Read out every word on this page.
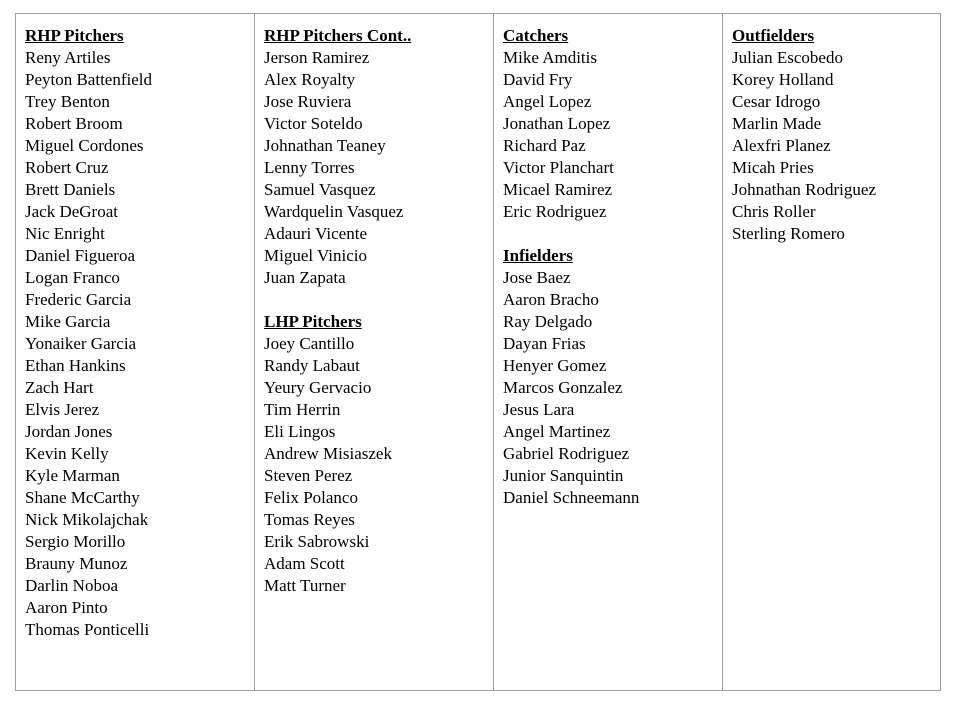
RHP Pitchers
Reny Artiles
Peyton Battenfield
Trey Benton
Robert Broom
Miguel Cordones
Robert Cruz
Brett Daniels
Jack DeGroat
Nic Enright
Daniel Figueroa
Logan Franco
Frederic Garcia
Mike Garcia
Yonaiker Garcia
Ethan Hankins
Zach Hart
Elvis Jerez
Jordan Jones
Kevin Kelly
Kyle Marman
Shane McCarthy
Nick Mikolajchak
Sergio Morillo
Brauny Munoz
Darlin Noboa
Aaron Pinto
Thomas Ponticelli
RHP Pitchers Cont..
Jerson Ramirez
Alex Royalty
Jose Ruviera
Victor Soteldo
Johnathan Teaney
Lenny Torres
Samuel Vasquez
Wardquelin Vasquez
Adauri Vicente
Miguel Vinicio
Juan Zapata
LHP Pitchers
Joey Cantillo
Randy Labaut
Yeury Gervacio
Tim Herrin
Eli Lingos
Andrew Misiaszek
Steven Perez
Felix Polanco
Tomas Reyes
Erik Sabrowski
Adam Scott
Matt Turner
Catchers
Mike Amditis
David Fry
Angel Lopez
Jonathan Lopez
Richard Paz
Victor Planchart
Micael Ramirez
Eric Rodriguez
Infielders
Jose Baez
Aaron Bracho
Ray Delgado
Dayan Frias
Henyer Gomez
Marcos Gonzalez
Jesus Lara
Angel Martinez
Gabriel Rodriguez
Junior Sanquintin
Daniel Schneemann
Outfielders
Julian Escobedo
Korey Holland
Cesar Idrogo
Marlin Made
Alexfri Planez
Micah Pries
Johnathan Rodriguez
Chris Roller
Sterling Romero
